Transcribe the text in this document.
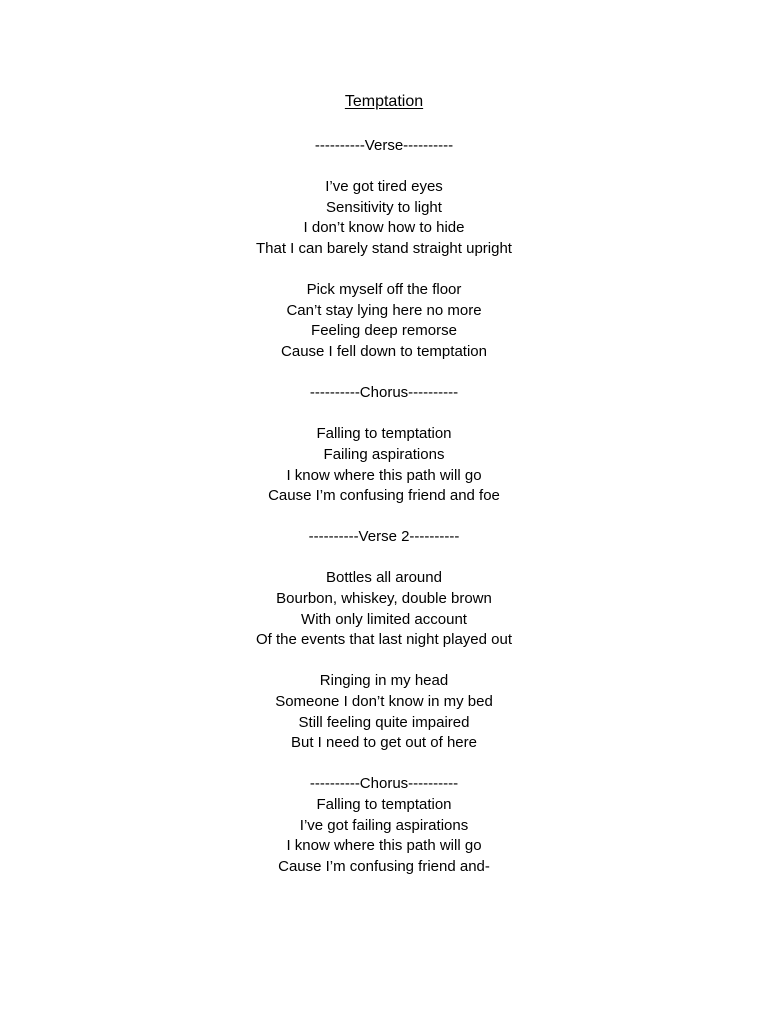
Temptation
----------Verse----------
I’ve got tired eyes
Sensitivity to light
I don’t know how to hide
That I can barely stand straight upright
Pick myself off the floor
Can’t stay lying here no more
Feeling deep remorse
Cause I fell down to temptation
----------Chorus----------
Falling to temptation
Failing aspirations
I know where this path will go
Cause I’m confusing friend and foe
----------Verse 2----------
Bottles all around
Bourbon, whiskey, double brown
With only limited account
Of the events that last night played out
Ringing in my head
Someone I don’t know in my bed
Still feeling quite impaired
But I need to get out of here
----------Chorus----------
Falling to temptation
I’ve got failing aspirations
I know where this path will go
Cause I’m confusing friend and-
